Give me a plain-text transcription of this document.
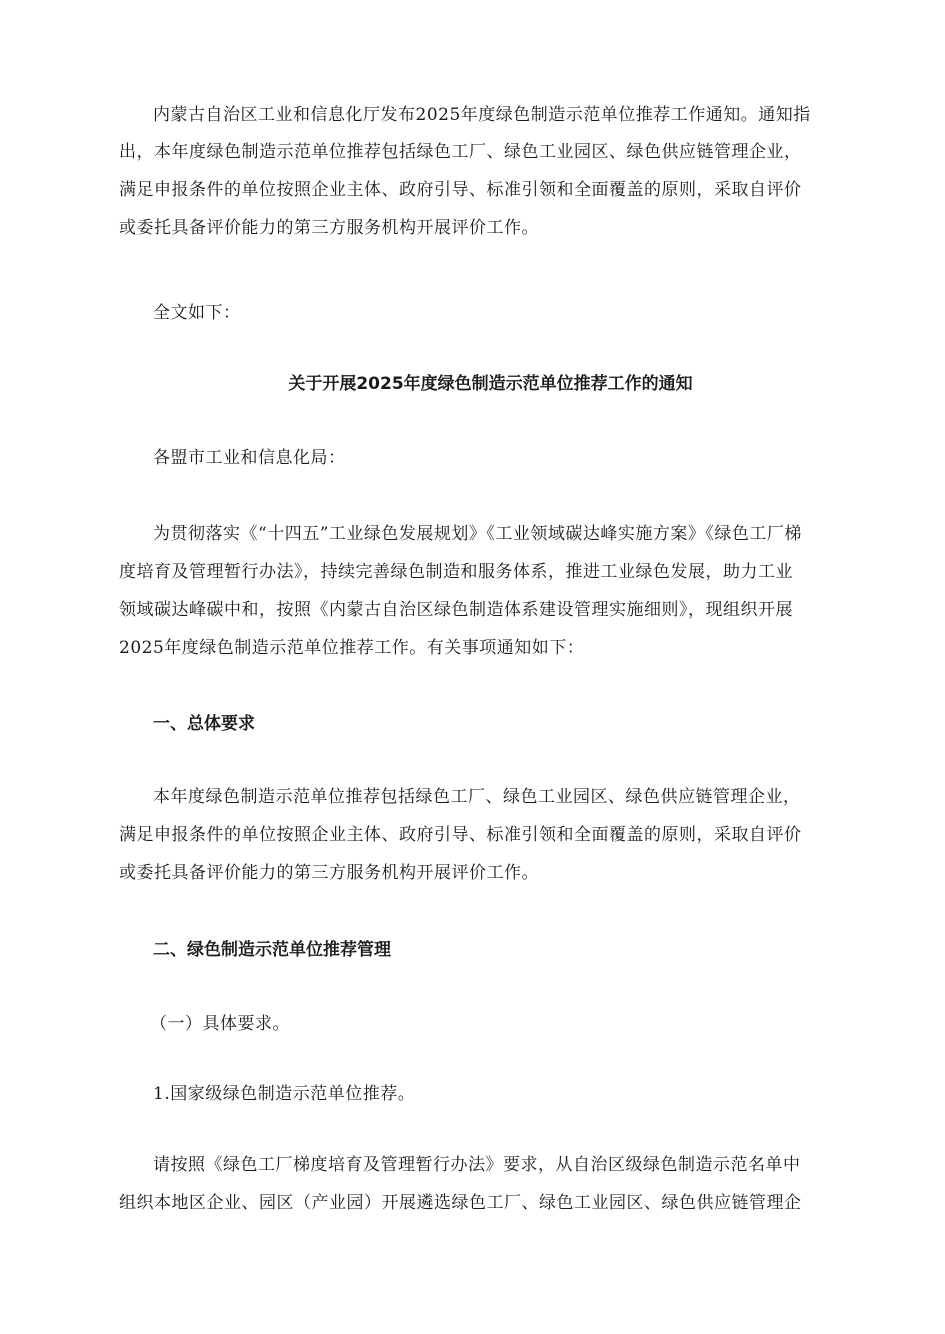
内蒙古自治区工业和信息化厅发布2025年度绿色制造示范单位推荐工作通知。通知指
出，本年度绿色制造示范单位推荐包括绿色工厂、绿色工业园区、绿色供应链管理企业，
满足申报条件的单位按照企业主体、政府引导、标准引领和全面覆盖的原则，采取自评价
或委托具备评价能力的第三方服务机构开展评价工作。
全文如下：
关于开展2025年度绿色制造示范单位推荐工作的通知
各盟市工业和信息化局：
为贯彻落实《“十四五”工业绿色发展规划》《工业领域碳达峰实施方案》《绿色工厂梯
度培育及管理暂行办法》，持续完善绿色制造和服务体系，推进工业绿色发展，助力工业
领域碳达峰碳中和，按照《内蒙古自治区绿色制造体系建设管理实施细则》，现组织开展
2025年度绿色制造示范单位推荐工作。有关事项通知如下：
一、总体要求
本年度绿色制造示范单位推荐包括绿色工厂、绿色工业园区、绿色供应链管理企业，
满足申报条件的单位按照企业主体、政府引导、标准引领和全面覆盖的原则，采取自评价
或委托具备评价能力的第三方服务机构开展评价工作。
二、绿色制造示范单位推荐管理
（一）具体要求。
1.国家级绿色制造示范单位推荐。
请按照《绿色工厂梯度培育及管理暂行办法》要求，从自治区级绿色制造示范名单中
组织本地区企业、园区（产业园）开展遴选绿色工厂、绿色工业园区、绿色供应链管理企
